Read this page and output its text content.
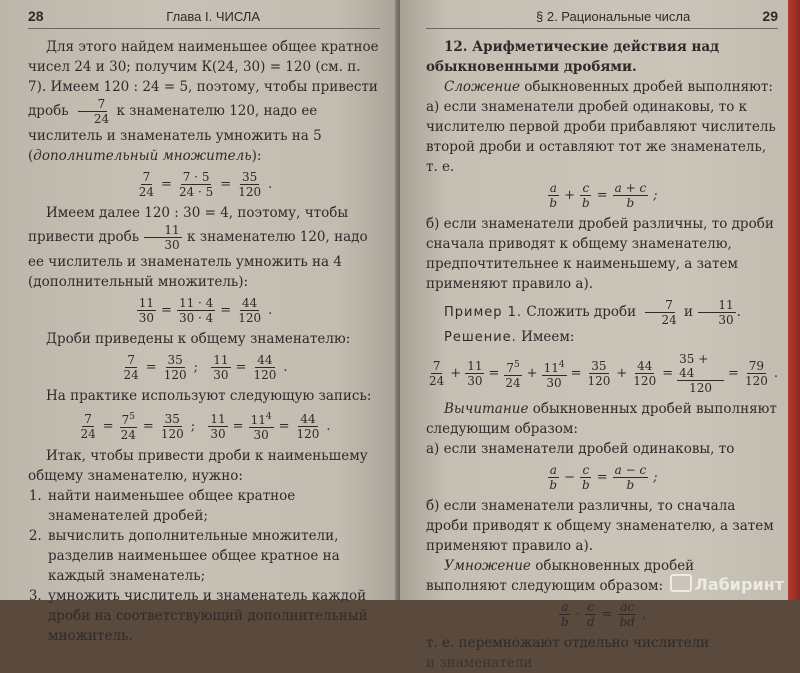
28	Глава I. ЧИСЛА

Для этого найдем наименьшее общее кратное чисел 24 и 30; получим К(24, 30) = 120 (см. п. 7). Имеем 120 : 24 = 5, поэтому, чтобы привести дробь $\frac{7}{24}$ к знаменателю 120, надо ее числитель и знаменатель умножить на 5 (дополнительный множитель):

$\frac{7}{24} = \frac{7 \cdot 5}{24 \cdot 5} = \frac{35}{120}$ .

Имеем далее 120 : 30 = 4, поэтому, чтобы привести дробь $\frac{11}{30}$ к знаменателю 120, надо ее числитель и знаменатель умножить на 4 (дополнительный множитель):

$\frac{11}{30} = \frac{11 \cdot 4}{30 \cdot 4} = \frac{44}{120}$ .

Дроби приведены к общему знаменателю:

$\frac{7}{24} = \frac{35}{120}$ ; $\frac{11}{30} = \frac{44}{120}$ .

На практике используют следующую запись:

$\frac{7}{24} = \frac{7^5}{24} = \frac{35}{120}$ ; $\frac{11}{30} = \frac{11^4}{30} = \frac{44}{120}$ .

Итак, чтобы привести дроби к наименьшему общему знаменателю, нужно:

1. найти наименьшее общее кратное знаменателей дробей;
2. вычислить дополнительные множители, разделив наименьшее общее кратное на каждый знаменатель;
3. умножить числитель и знаменатель каждой дроби на соответствующий дополнительный множитель.
§ 2. Рациональные числа	29

12. Арифметические действия над обыкновенными дробями.

Сложение обыкновенных дробей выполняют:

а) если знаменатели дробей одинаковы, то к числителю первой дроби прибавляют числитель второй дроби и оставляют тот же знаменатель, т. е.

$\frac{a}{b} + \frac{c}{b} = \frac{a + c}{b}$ ;

б) если знаменатели дробей различны, то дроби сначала приводят к общему знаменателю, предпочтительнее к наименьшему, а затем применяют правило а).

Пример 1. Сложить дроби $\frac{7}{24}$ и $\frac{11}{30}$ .

Решение. Имеем:

$\frac{7}{24} + \frac{11}{30} = \frac{7^5}{24} + \frac{11^4}{30} = \frac{35}{120} + \frac{44}{120} = \frac{35 + 44}{120} = \frac{79}{120}$ .

Вычитание обыкновенных дробей выполняют следующим образом:

а) если знаменатели дробей одинаковы, то

$\frac{a}{b} - \frac{c}{b} = \frac{a - c}{b}$ ;

б) если знаменатели различны, то сначала дроби приводят к общему знаменателю, а затем применяют правило а).

Умножение обыкновенных дробей выполняют следующим образом:

$\frac{a}{b} \cdot \frac{c}{d} = \frac{ac}{bd}$ ,

т. е. перемножают отдельно числители

и знаменатели

Лабиринт
